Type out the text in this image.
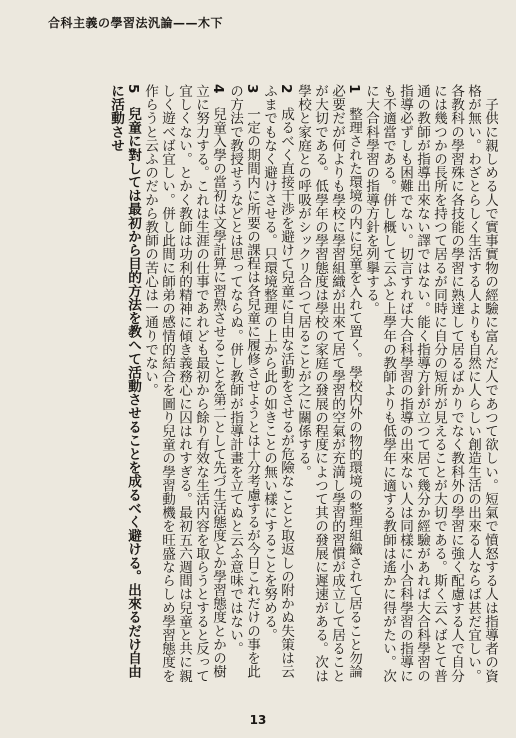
合科主義の學習法汎論——木下

　子供に親しめる人で實事實物の經驗に富んだ人であつて欲しい。短氣で憤怒する人は指導者の資格が無い。わざとらしく生活する人よりも自然に人らしい創造生活の出來る人ならば甚だ宜しい。各教科の學習殊に各技能の學習に熟達して居るばかりでなく教科外の學習に強く配慮する人で自分には幾つかの長所を持つて居るが同時に自分の短所が見えることが大切である。斯く云へばとて普通の教師が指導出來ない譯ではない。能く指導方針が立つて居て幾分か經驗があれば大合科學習の指導必ずしも困難でない。切言すれば大合科學習の指導の出來ない人は同樣に小合科學習の指導にも不適當である。併し概して云ふと上學年の教師よりも低學年に適する教師は遙かに得がたい。次に大合科學習の指導方針を列擧する。

1　整理された環境の内に兒童を入れて置く。學校内外の物的環境の整理組織されて居ること勿論必要だが何よりも學校に學習組織が出來て居て學習的空氣が充満し學習的習慣が成立して居ることが大切である。低學年の學習態度は學校の家庭の發展の程度によつて其の發展に遲速がある。次は學校と家庭との呼吸がシックリ合つて居ることが之に關係する。

2　成るべく直接干渉を避けて兒童に自由な活動をさせるが危險なことと取返しの附かぬ失策は云ふまでもなく避けさせる。只環境整理の上から此の如きことの無い樣にすることを努める。

3　一定の期間内に所要の課程は各兒童に履修させようとは十分考慮するが今日これだけの事を此の方法で教授せうなどとは思ってならぬ。併し教師が指導計畫を立てぬと云ふ意味ではない。

4　兒童入學の當初は文學計算に習熟させることを第二として先づ生活態度とか學習態度とかの樹立に努力する。これは生涯の仕事であれども最初から餘り有效な生活内容を取らうとすると反って宜しくない。とかく教師は功利的精神に傾き義務心に囚はれすぎる。最初五六週間は兒童と共に親しく遊べば宜しい。併し此間に師弟の感情的結合を圖り兒童の學習動機を旺盛ならしめ學習態度を作らうと云ふのだから教師の苦心は一通りでない。

5　兒童に對しては最初から目的方法を教へて活動させることを成るべく避ける。出來るだけ自由に活動させ

13
